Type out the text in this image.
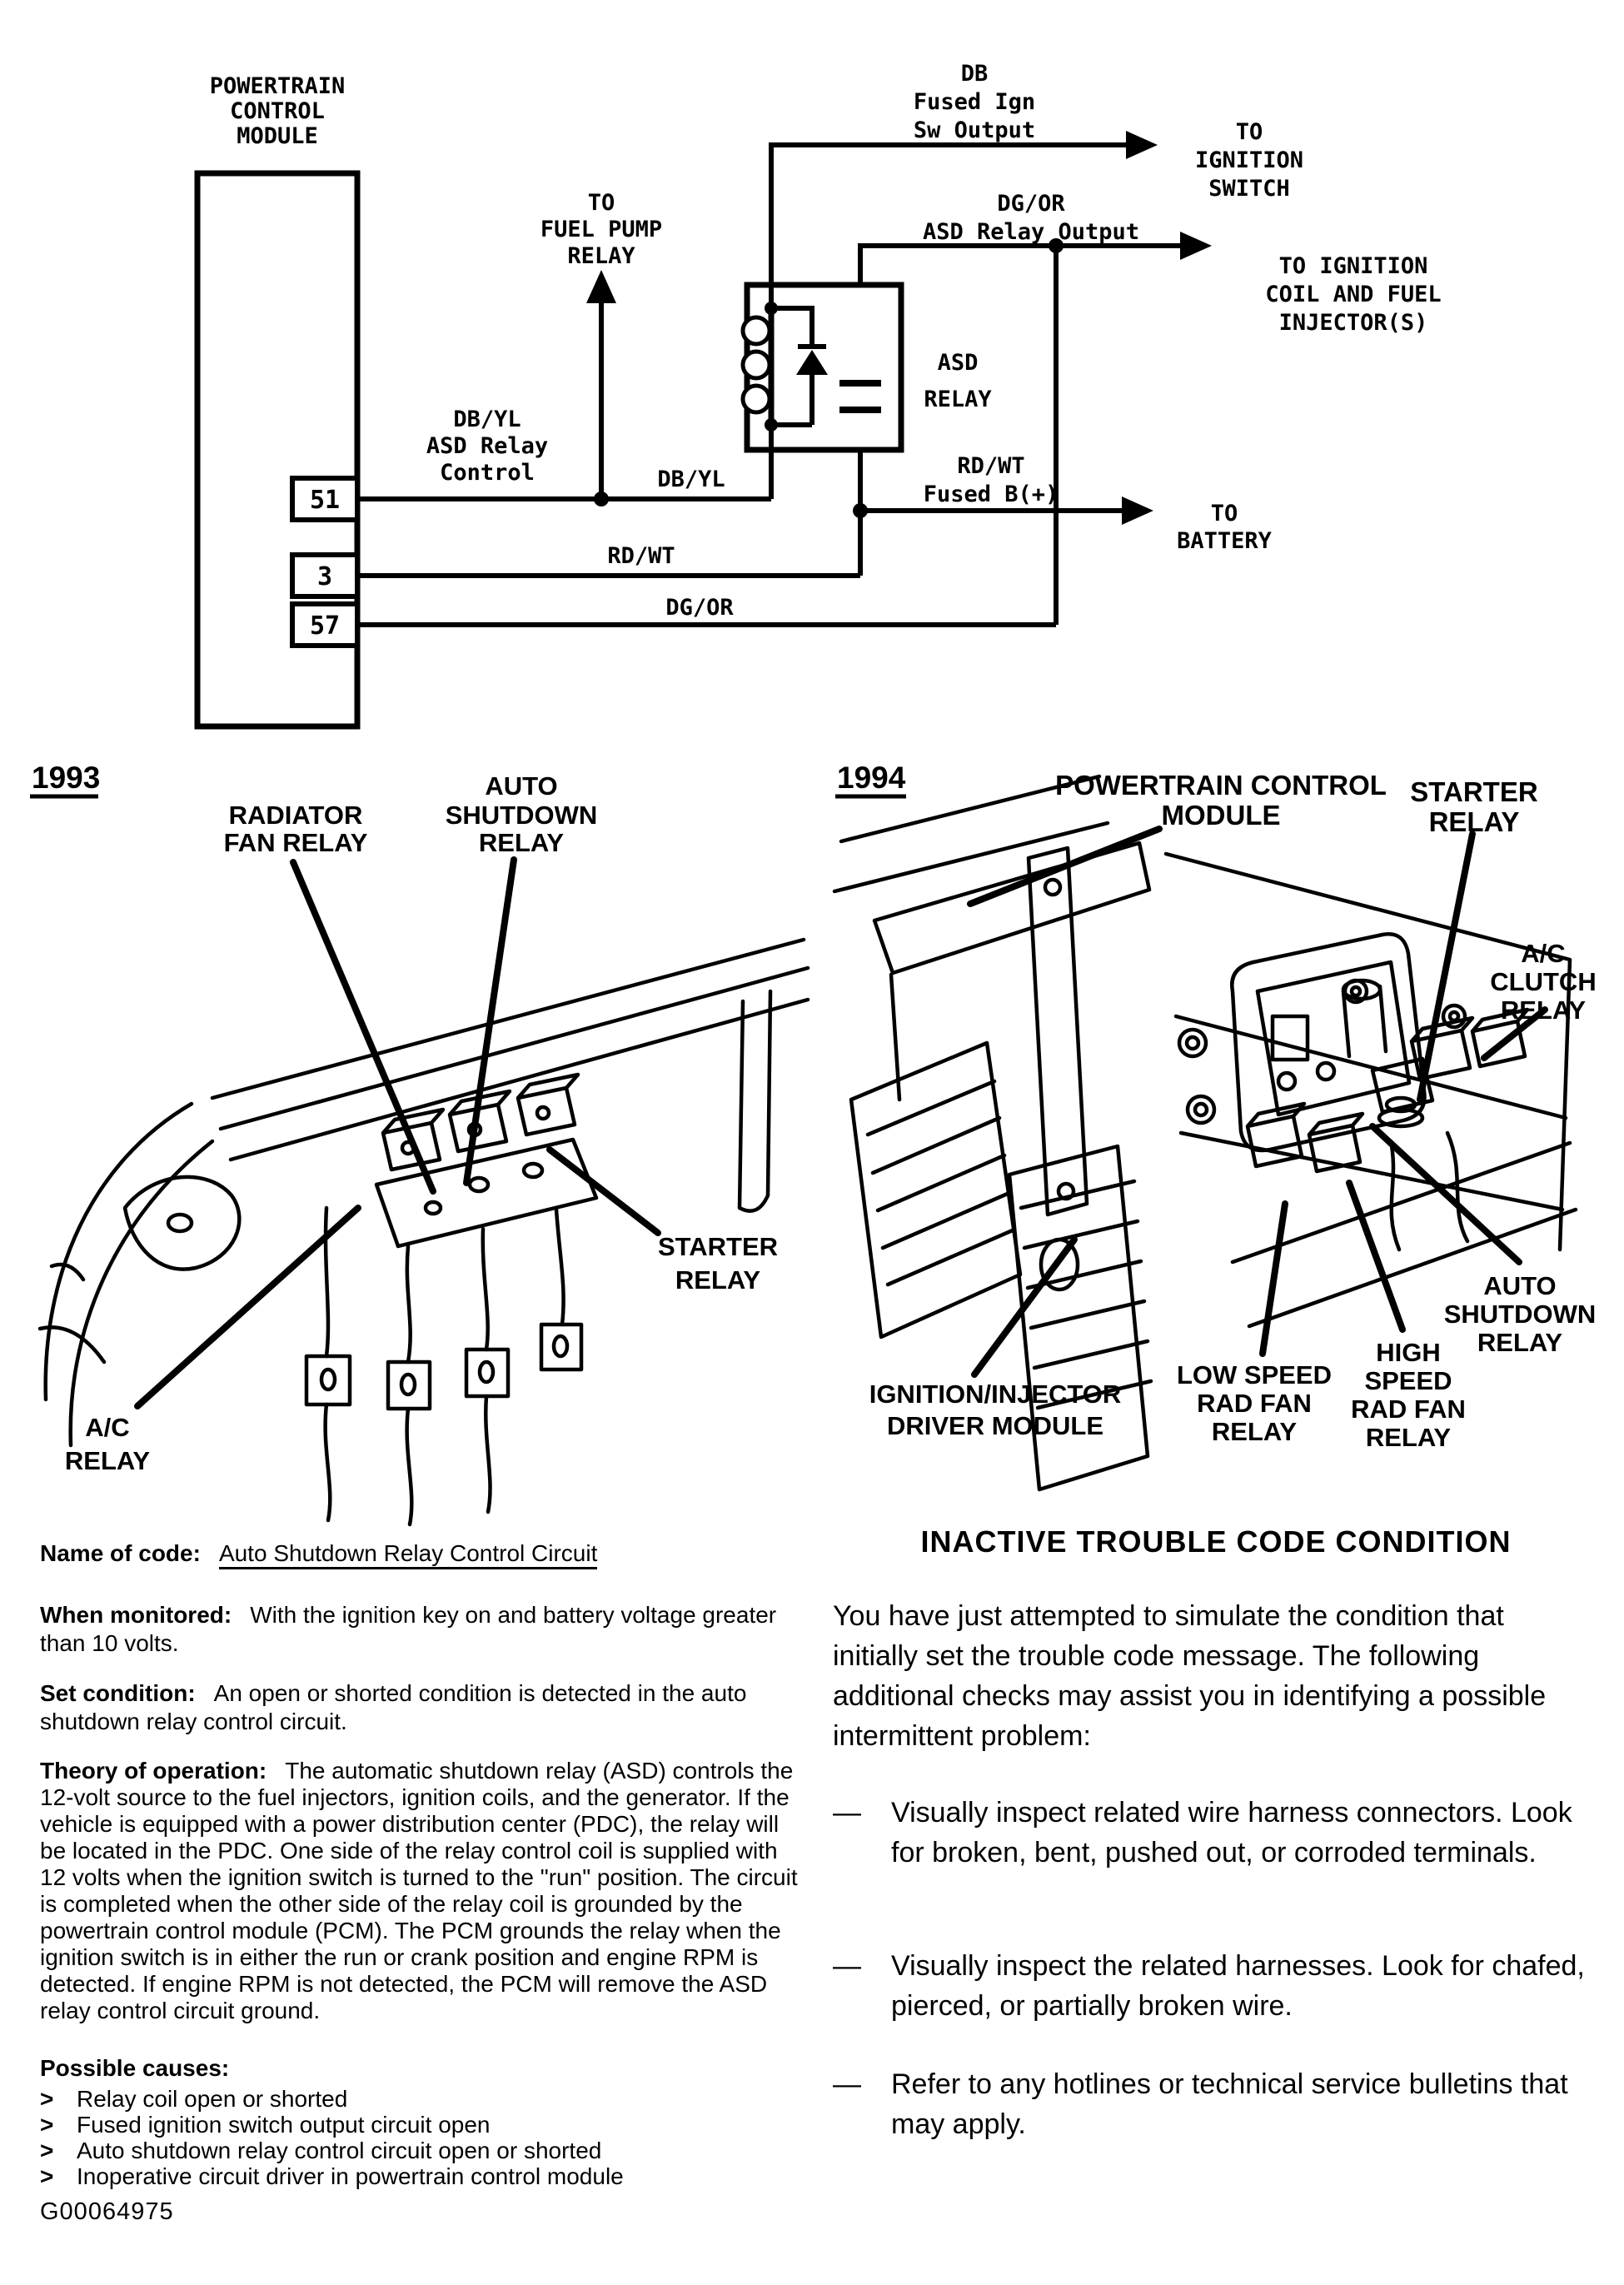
POWERTRAIN
CONTROL
MODULE
51
3
57
ASD
RELAY
TO
FUEL PUMP
RELAY
DB
Fused Ign
Sw Output	TO
IGNITION
SWITCH
DG/OR
ASD Relay Output
TO IGNITION
COIL AND FUEL
INJECTOR(S)
DB/YL
ASD Relay
Control	DB/YL
RD/WT
Fused B(+)
TO
BATTERY
RD/WT
DG/OR
1993
RADIATOR
FAN RELAY
AUTO
SHUTDOWN
RELAY
STARTER
RELAY
A/C
RELAY
1994	POWERTRAIN CONTROL
MODULE
STARTER
RELAY
A/C
CLUTCH
RELAY
AUTO
SHUTDOWN
RELAY
HIGH
SPEED
RAD FAN
RELAY
LOW SPEED
RAD FAN
RELAY
IGNITION/INJECTOR
DRIVER MODULE

Name of code: Auto Shutdown Relay Control Circuit

When monitored: With the ignition key on and battery voltage greater than 10 volts.

Set condition: An open or shorted condition is detected in the auto shutdown relay control circuit.

Theory of operation: The automatic shutdown relay (ASD) controls the 12-volt source to the fuel injectors, ignition coils, and the generator. If the vehicle is equipped with a power distribution center (PDC), the relay will be located in the PDC. One side of the relay control coil is supplied with 12 volts when the ignition switch is turned to the "run" position. The circuit is completed when the other side of the relay coil is grounded by the powertrain control module (PCM). The PCM grounds the relay when the ignition switch is in either the run or crank position and engine RPM is detected. If engine RPM is not detected, the PCM will remove the ASD relay control circuit ground.

Possible causes:

> Relay coil open or shorted
> Fused ignition switch output circuit open
> Auto shutdown relay control circuit open or shorted
> Inoperative circuit driver in powertrain control module

G00064975

INACTIVE TROUBLE CODE CONDITION
You have just attempted to simulate the condition that initially set the trouble code message. The following additional checks may assist you in identifying a possible intermittent problem:
— Visually inspect related wire harness connectors. Look for broken, bent, pushed out, or corroded terminals.
— Visually inspect the related harnesses. Look for chafed, pierced, or partially broken wire.
— Refer to any hotlines or technical service bulletins that may apply.
